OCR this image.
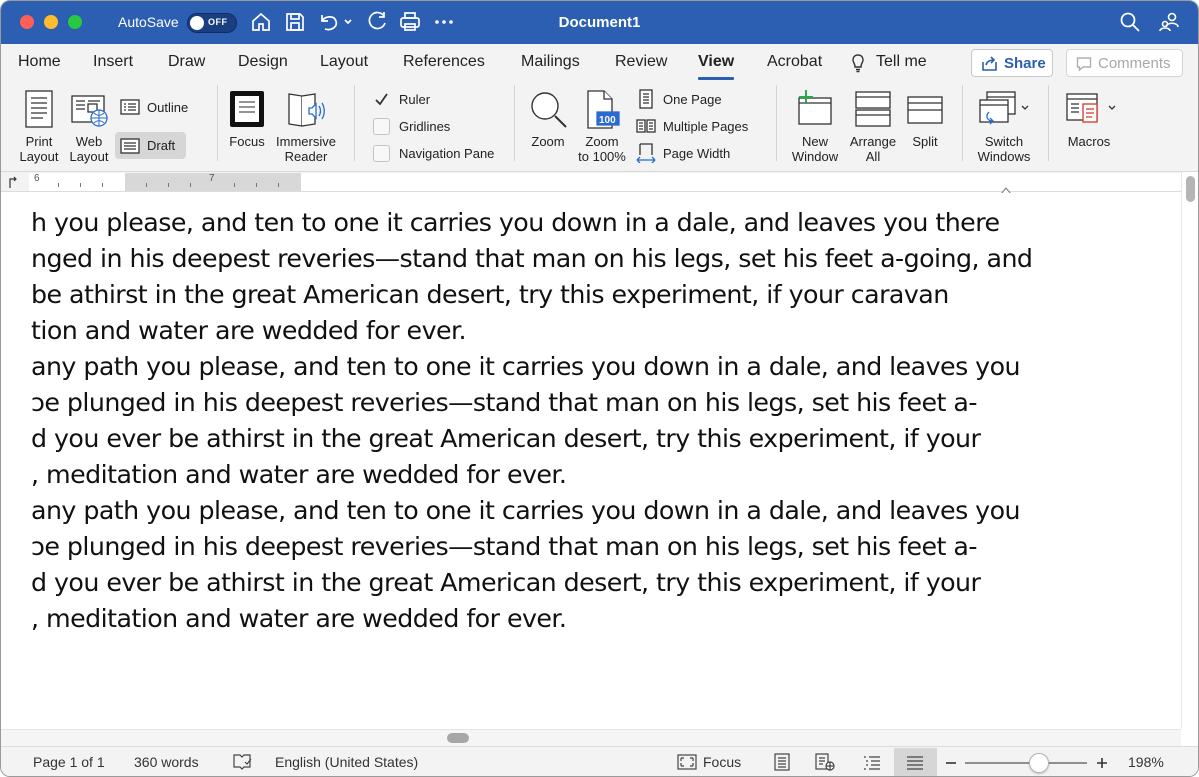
AutoSave	OFF	Document1
Home Insert Draw Design Layout References Mailings Review View Acrobat	Tell me	Share	Comments
Print
Layout
Web
Layout
Outline
Draft	Focus Immersive
Reader
Ruler
Gridlines
Navigation Pane
Zoom
100
Zoom
to 100%
One Page
Multiple Pages
Page Width
New
Window
Arrange
All
Split	Switch
Windows
Macros
6	7

h you please, and ten to one it carries you down in a dale, and leaves you there

nged in his deepest reveries—stand that man on his legs, set his feet a-going, and

be athirst in the great American desert, try this experiment, if your caravan

tion and water are wedded for ever.

any path you please, and ten to one it carries you down in a dale, and leaves you

ɔe plunged in his deepest reveries—stand that man on his legs, set his feet a-

d you ever be athirst in the great American desert, try this experiment, if your

, meditation and water are wedded for ever.

any path you please, and ten to one it carries you down in a dale, and leaves you

ɔe plunged in his deepest reveries—stand that man on his legs, set his feet a-

d you ever be athirst in the great American desert, try this experiment, if your

, meditation and water are wedded for ever.

Page 1 of 1 360 words	English (United States)	Focus	198%
